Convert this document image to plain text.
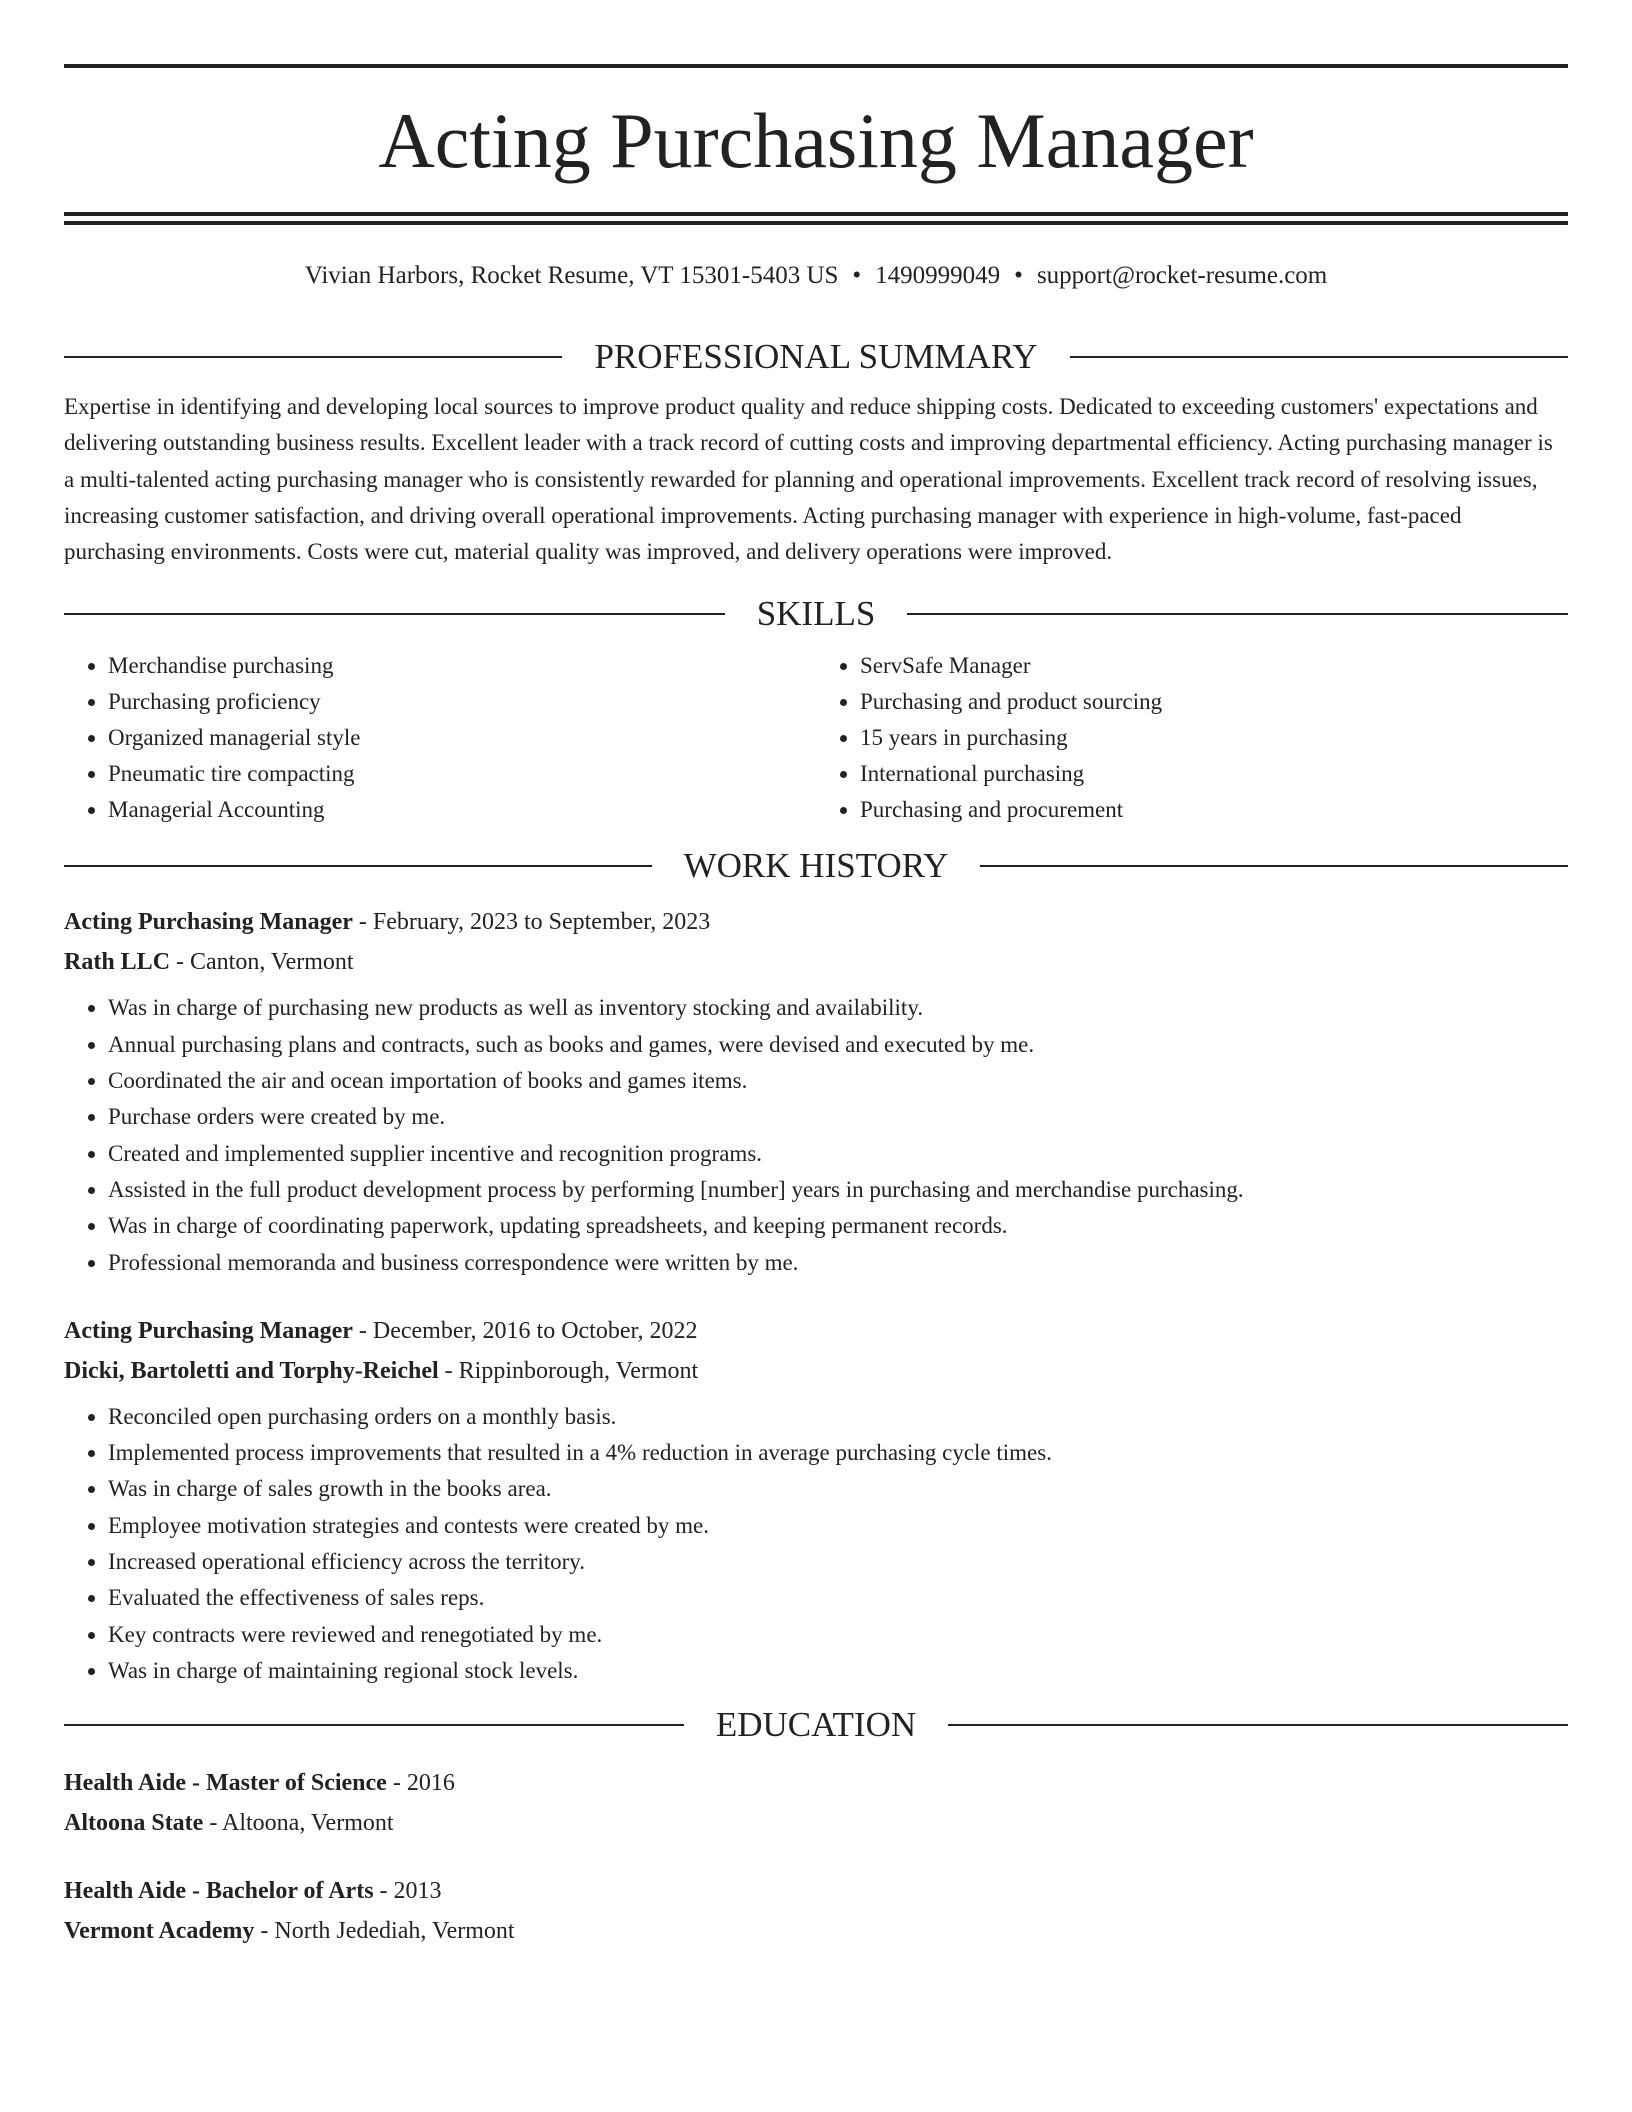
Acting Purchasing Manager
Vivian Harbors, Rocket Resume, VT 15301-5403 US • 1490999049 • support@rocket-resume.com
PROFESSIONAL SUMMARY
Expertise in identifying and developing local sources to improve product quality and reduce shipping costs. Dedicated to exceeding customers' expectations and delivering outstanding business results. Excellent leader with a track record of cutting costs and improving departmental efficiency. Acting purchasing manager is a multi-talented acting purchasing manager who is consistently rewarded for planning and operational improvements. Excellent track record of resolving issues, increasing customer satisfaction, and driving overall operational improvements. Acting purchasing manager with experience in high-volume, fast-paced purchasing environments. Costs were cut, material quality was improved, and delivery operations were improved.
SKILLS
• Merchandise purchasing
• Purchasing proficiency
• Organized managerial style
• Pneumatic tire compacting
• Managerial Accounting
• ServSafe Manager
• Purchasing and product sourcing
• 15 years in purchasing
• International purchasing
• Purchasing and procurement
WORK HISTORY
Acting Purchasing Manager - February, 2023 to September, 2023
Rath LLC - Canton, Vermont
• Was in charge of purchasing new products as well as inventory stocking and availability.
• Annual purchasing plans and contracts, such as books and games, were devised and executed by me.
• Coordinated the air and ocean importation of books and games items.
• Purchase orders were created by me.
• Created and implemented supplier incentive and recognition programs.
• Assisted in the full product development process by performing [number] years in purchasing and merchandise purchasing.
• Was in charge of coordinating paperwork, updating spreadsheets, and keeping permanent records.
• Professional memoranda and business correspondence were written by me.
Acting Purchasing Manager - December, 2016 to October, 2022
Dicki, Bartoletti and Torphy-Reichel - Rippinborough, Vermont
• Reconciled open purchasing orders on a monthly basis.
• Implemented process improvements that resulted in a 4% reduction in average purchasing cycle times.
• Was in charge of sales growth in the books area.
• Employee motivation strategies and contests were created by me.
• Increased operational efficiency across the territory.
• Evaluated the effectiveness of sales reps.
• Key contracts were reviewed and renegotiated by me.
• Was in charge of maintaining regional stock levels.
EDUCATION
Health Aide - Master of Science - 2016
Altoona State - Altoona, Vermont
Health Aide - Bachelor of Arts - 2013
Vermont Academy - North Jedediah, Vermont
